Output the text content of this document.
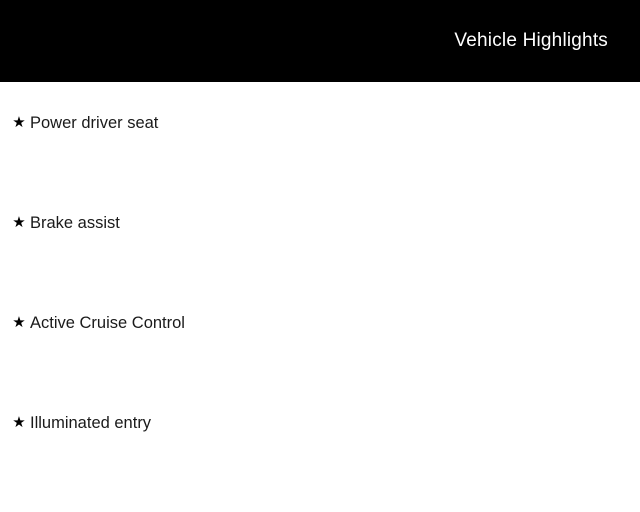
Vehicle Highlights
★ Power driver seat
★ Brake assist
★ Active Cruise Control
★ Illuminated entry
